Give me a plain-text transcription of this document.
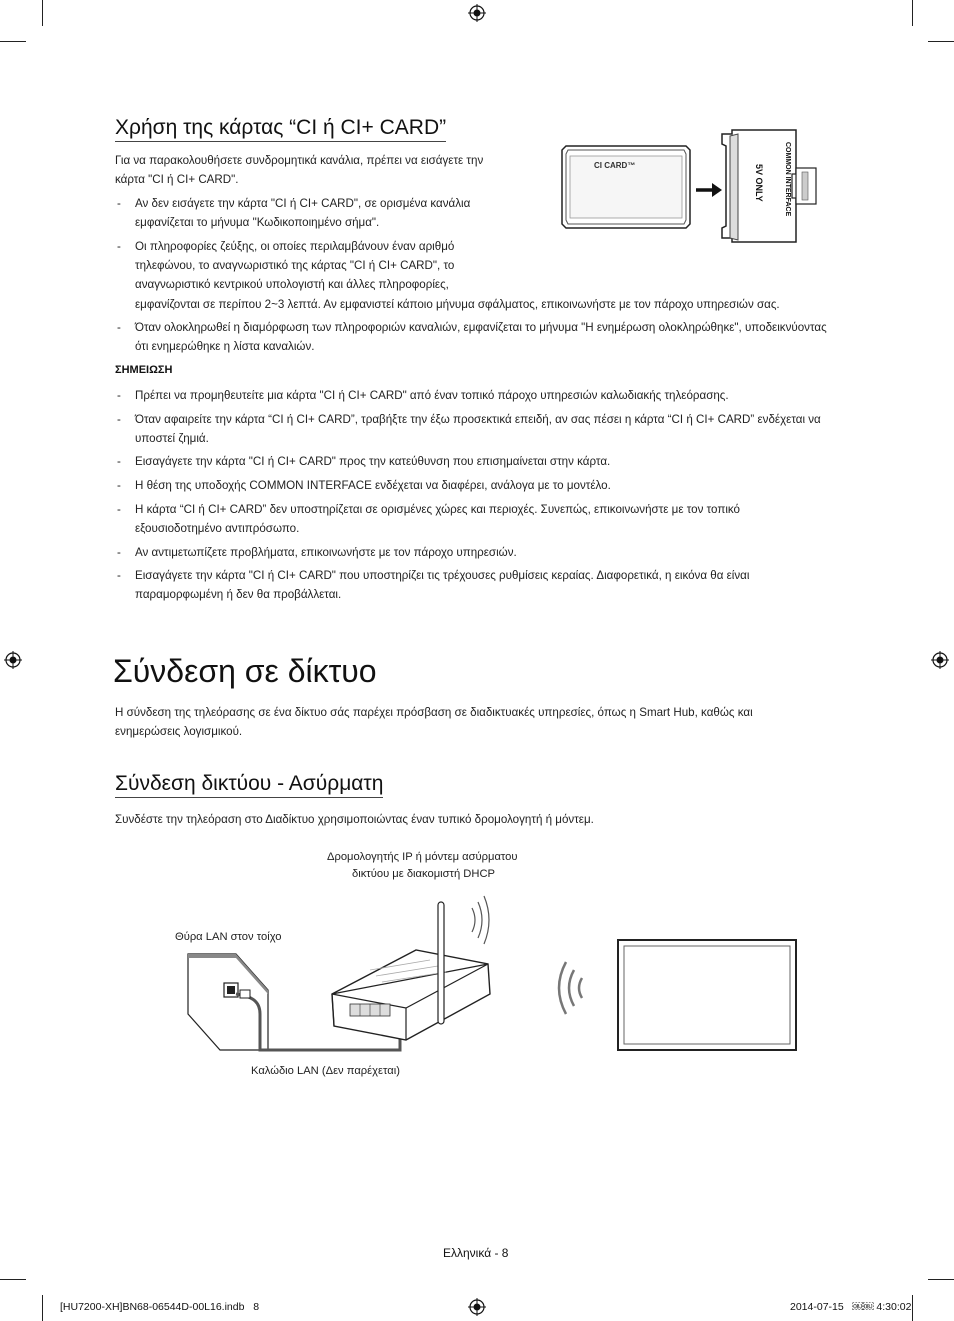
Χρήση της κάρτας “CI ή CI+ CARD”

Για να παρακολουθήσετε συνδρομητικά κανάλια, πρέπει να εισάγετε την κάρτα "CI ή CI+ CARD".

- Αν δεν εισάγετε την κάρτα "CI ή CI+ CARD", σε ορισμένα κανάλια εμφανίζεται το μήνυμα "Κωδικοποιημένο σήμα".
- Οι πληροφορίες ζεύξης, οι οποίες περιλαμβάνουν έναν αριθμό τηλεφώνου, το αναγνωριστικό της κάρτας "CI ή CI+ CARD", το αναγνωριστικό κεντρικού υπολογιστή και άλλες πληροφορίες,
εμφανίζονται σε περίπου 2~3 λεπτά. Αν εμφανιστεί κάποιο μήνυμα σφάλματος, επικοινωνήστε με τον πάροχο υπηρεσιών σας.
- Όταν ολοκληρωθεί η διαμόρφωση των πληροφοριών καναλιών, εμφανίζεται το μήνυμα "Η ενημέρωση ολοκληρώθηκε", υποδεικνύοντας ότι ενημερώθηκε η λίστα καναλιών.
ΣΗΜΕΙΩΣΗ
- Πρέπει να προμηθευτείτε μια κάρτα "CI ή CI+ CARD" από έναν τοπικό πάροχο υπηρεσιών καλωδιακής τηλεόρασης.
- Όταν αφαιρείτε την κάρτα “CI ή CI+ CARD”, τραβήξτε την έξω προσεκτικά επειδή, αν σας πέσει η κάρτα “CI ή CI+ CARD” ενδέχεται να υποστεί ζημιά.
- Εισαγάγετε την κάρτα "CI ή CI+ CARD" προς την κατεύθυνση που επισημαίνεται στην κάρτα.
- Η θέση της υποδοχής COMMON INTERFACE ενδέχεται να διαφέρει, ανάλογα με το μοντέλο.
- Η κάρτα “CI ή CI+ CARD” δεν υποστηρίζεται σε ορισμένες χώρες και περιοχές. Συνεπώς, επικοινωνήστε με τον τοπικό εξουσιοδοτημένο αντιπρόσωπο.
- Αν αντιμετωπίζετε προβλήματα, επικοινωνήστε με τον πάροχο υπηρεσιών.
- Εισαγάγετε την κάρτα "CI ή CI+ CARD" που υποστηρίζει τις τρέχουσες ρυθμίσεις κεραίας. Διαφορετικά, η εικόνα θα είναι παραμορφωμένη ή δεν θα προβάλλεται.
CI CARD™	COMMON INTERFACE
5V ONLY
Σύνδεση σε δίκτυο

Η σύνδεση της τηλεόρασης σε ένα δίκτυο σάς παρέχει πρόσβαση σε διαδικτυακές υπηρεσίες, όπως η Smart Hub, καθώς και ενημερώσεις λογισμικού.

Σύνδεση δικτύου - Ασύρματη

Συνδέστε την τηλεόραση στο Διαδίκτυο χρησιμοποιώντας έναν τυπικό δρομολογητή ή μόντεμ.

Δρομολογητής IP ή μόντεμ ασύρματου
δικτύου με διακομιστή DHCP
Θύρα LAN στον τοίχο
Καλώδιο LAN (Δεν παρέχεται)
Ελληνικά - 8
[HU7200-XH]BN68-06544D-00L16.indb   8	2014-07-15   ￼￼ 4:30:02
